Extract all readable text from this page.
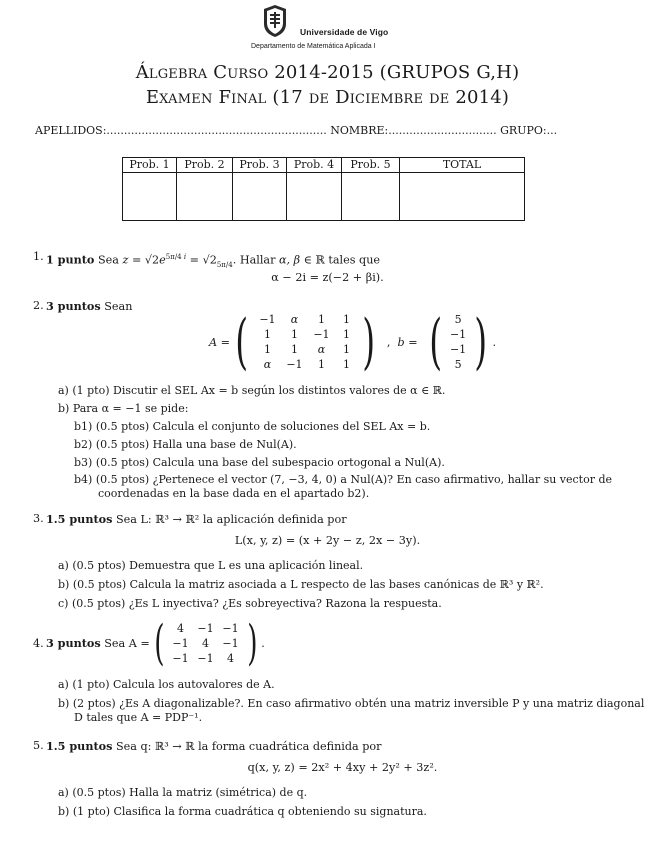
Universidade de Vigo
Departamento de Matemática Aplicada I
Álgebra Curso 2014-2015 (GRUPOS G,H)
Examen Final (17 de Diciembre de 2014)
APELLIDOS:............................................................... NOMBRE:............................... GRUPO:...
Prob. 1	Prob. 2	Prob. 3	Prob. 4	Prob. 5	TOTAL

1. 1 punto Sea $z = √2e^{5\pi/4 i} = √2_{5\pi/4}$. Hallar α, β ∈ ℝ tales que
α − 2i = z(−2 + βi).
2. 3 puntos Sean
A = (	−1	α	1	1
1	1	−1	1
1	1	α	1
α	−1	1	1 ) ,  b = (	5
−1
−1
5 ) .
a) (1 pto) Discutir el SEL Ax = b según los distintos valores de α ∈ ℝ.
b) Para α = −1 se pide:
b1) (0.5 ptos) Calcula el conjunto de soluciones del SEL Ax = b.
b2) (0.5 ptos) Halla una base de Nul(A).
b3) (0.5 ptos) Calcula una base del subespacio ortogonal a Nul(A).
b4) (0.5 ptos) ¿Pertenece el vector (7, −3, 4, 0) a Nul(A)? En caso afirmativo, hallar su vector de coordenadas en la base dada en el apartado b2).
3. 1.5 puntos Sea L: ℝ³ → ℝ² la aplicación definida por
L(x, y, z) = (x + 2y − z, 2x − 3y).
a) (0.5 ptos) Demuestra que L es una aplicación lineal.
b) (0.5 ptos) Calcula la matriz asociada a L respecto de las bases canónicas de ℝ³ y ℝ².
c) (0.5 ptos) ¿Es L inyectiva? ¿Es sobreyectiva? Razona la respuesta.
4. 3 puntos
Sea A = (	4	−1 −1
−1	4	−1
−1 −1	4 ) .
a) (1 pto) Calcula los autovalores de A.
b) (2 ptos) ¿Es A diagonalizable?. En caso afirmativo obtén una matriz inversible P y una matriz diagonal D tales que A = PDP⁻¹.
5. 1.5 puntos Sea q: ℝ³ → ℝ la forma cuadrática definida por
q(x, y, z) = 2x² + 4xy + 2y² + 3z².
a) (0.5 ptos) Halla la matriz (simétrica) de q.
b) (1 pto) Clasifica la forma cuadrática q obteniendo su signatura.
